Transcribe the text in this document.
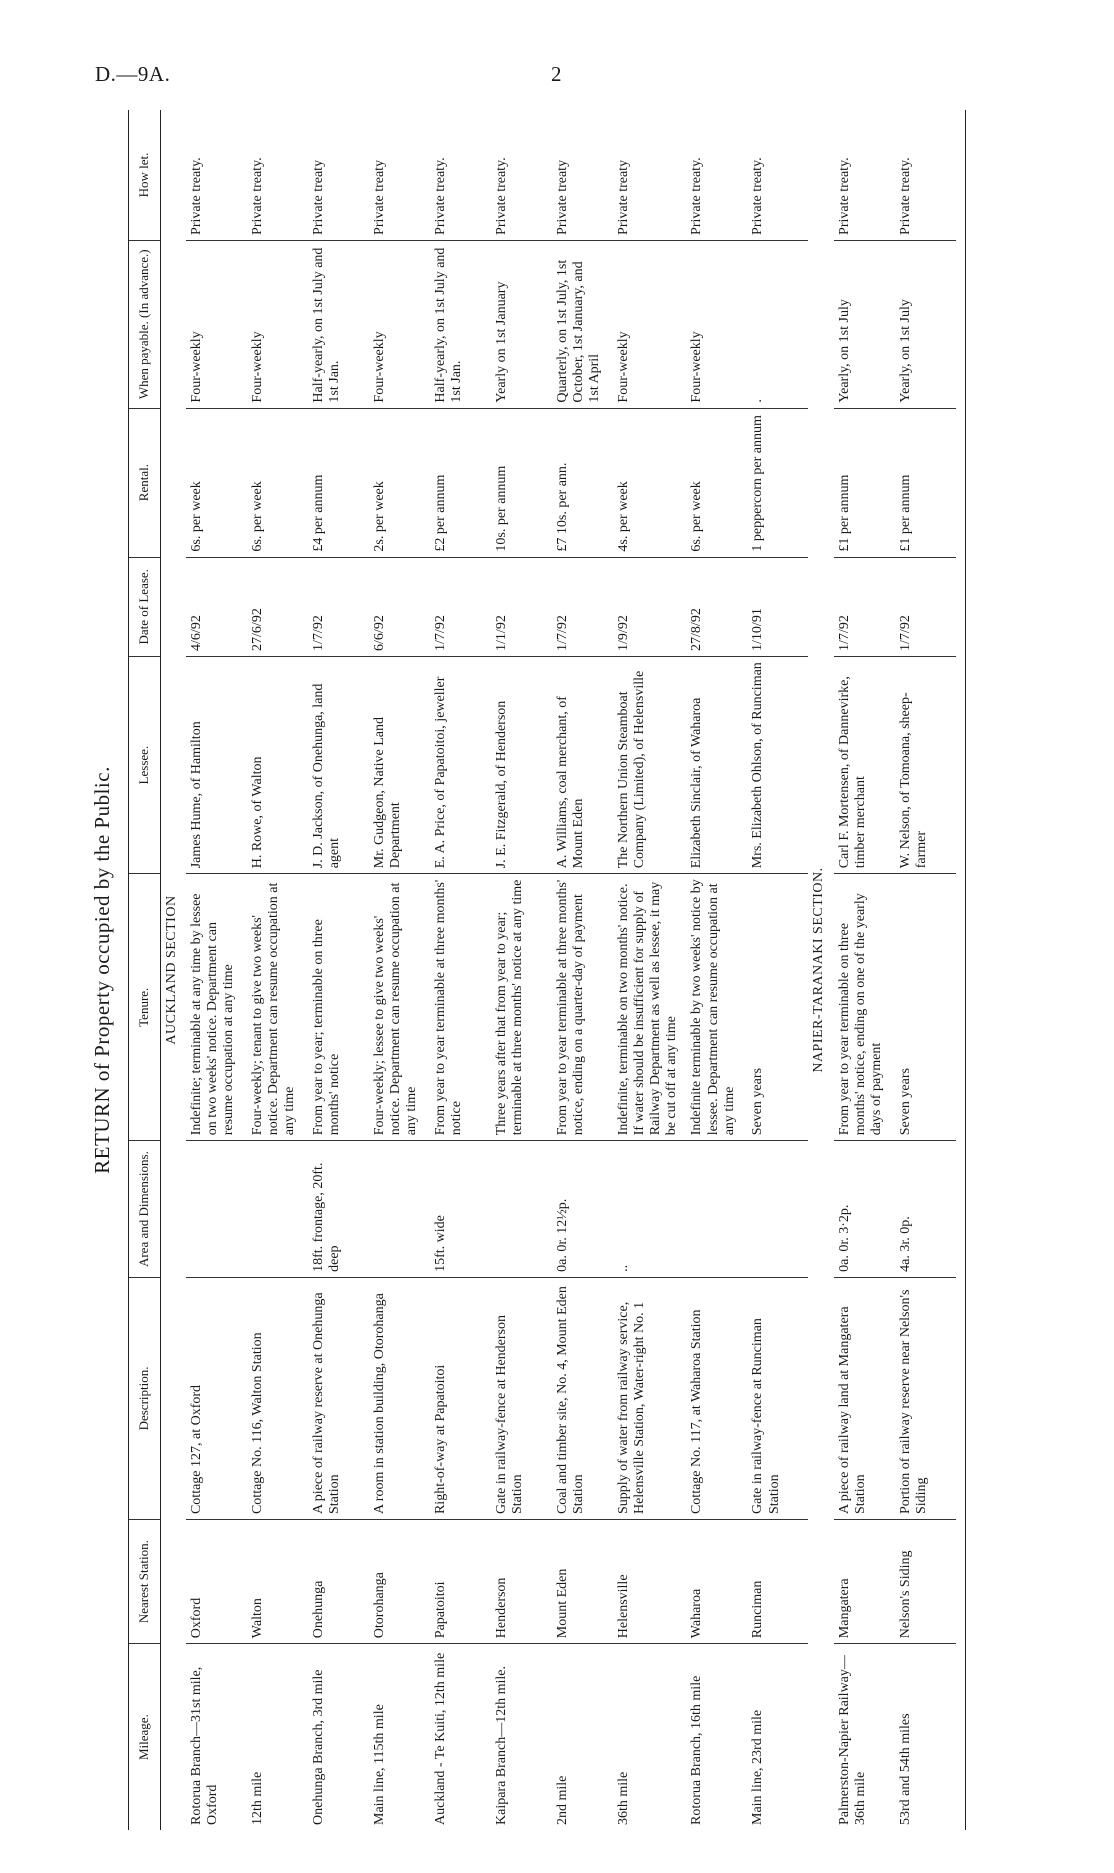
D.—9A.	2
RETURN of Property occupied by the Public.
Mileage.	Nearest Station.	Description.	Area and Dimensions.	Tenure.	Lessee.	Date of Lease.	Rental.	When payable. (In advance.)	How let.
AUCKLAND SECTION									
Rotorua Branch—31st mile, Oxford	Oxford	Cottage 127, at Oxford		Indefinite; terminable at any time by lessee on two weeks' notice. Department can resume occupation at any time	James Hume, of Hamilton	4/6/92	6s. per week	Four-weekly	Private treaty.
12th mile	Walton	Cottage No. 116, Walton Station		Four-weekly; tenant to give two weeks' notice. Department can resume occupation at any time	H. Rowe, of Walton	27/6/92	6s. per week	Four-weekly	Private treaty.
Onehunga Branch, 3rd mile	Onehunga	A piece of railway reserve at Onehunga Station	18ft. frontage, 20ft. deep	From year to year; terminable on three months' notice	J. D. Jackson, of Onehunga, land agent	1/7/92	£4 per annum	Half-yearly, on 1st July and 1st Jan.	Private treaty
Main line, 115th mile	Otorohanga	A room in station building, Otorohanga		Four-weekly; lessee to give two weeks' notice. Department can resume occupation at any time	Mr. Gudgeon, Native Land Department	6/6/92	2s. per week	Four-weekly	Private treaty
Auckland - Te Kuiti, 12th mile	Papatoitoi	Right-of-way at Papatoitoi	15ft. wide	From year to year terminable at three months' notice	E. A. Price, of Papatoitoi, jeweller	1/7/92	£2 per annum	Half-yearly, on 1st July and 1st Jan.	Private treaty.
Kaipara Branch—12th mile.	Henderson	Gate in railway-fence at Henderson Station		Three years after that from year to year; terminable at three months' notice at any time	J. E. Fitzgerald, of Henderson	1/1/92	10s. per annum	Yearly on 1st January	Private treaty.
2nd mile	Mount Eden	Coal and timber site, No. 4, Mount Eden Station	0a. 0r. 12½p.	From year to year terminable at three months' notice, ending on a quarter-day of payment	A. Williams, coal merchant, of Mount Eden	1/7/92	£7 10s. per ann.	Quarterly, on 1st July, 1st October, 1st January, and 1st April	Private treaty
36th mile	Helensville	Supply of water from railway service, Helensville Station, Water-right No. 1	..	Indefinite, terminable on two months' notice. If water should be insufficient for supply of Railway Department as well as lessee, it may be cut off at any time	The Northern Union Steamboat Company (Limited), of Helensville	1/9/92	4s. per week	Four-weekly	Private treaty
Rotorua Branch, 16th mile	Waharoa	Cottage No. 117, at Waharoa Station		Indefinite terminable by two weeks' notice by lessee. Department can resume occupation at any time	Elizabeth Sinclair, of Waharoa	27/8/92	6s. per week	Four-weekly	Private treaty.
Main line, 23rd mile	Runciman	Gate in railway-fence at Runciman Station		Seven years	Mrs. Elizabeth Ohlson, of Runciman	1/10/91	1 peppercorn per annum	.	Private treaty.
NAPIER-TARANAKI SECTION.									
Palmerston-Napier Railway—36th mile	Mangatera	A piece of railway land at Mangatera Station	0a. 0r. 3·2p.	From year to year terminable on three months' notice, ending on one of the yearly days of payment	Carl F. Mortensen, of Dannevirke, timber merchant	1/7/92	£1 per annum	Yearly, on 1st July	Private treaty.
53rd and 54th miles	Nelson's Siding	Portion of railway reserve near Nelson's Siding	4a. 3r. 0p.	Seven years	W. Nelson, of Tomoana, sheep-farmer	1/7/92	£1 per annum	Yearly, on 1st July	Private treaty.
